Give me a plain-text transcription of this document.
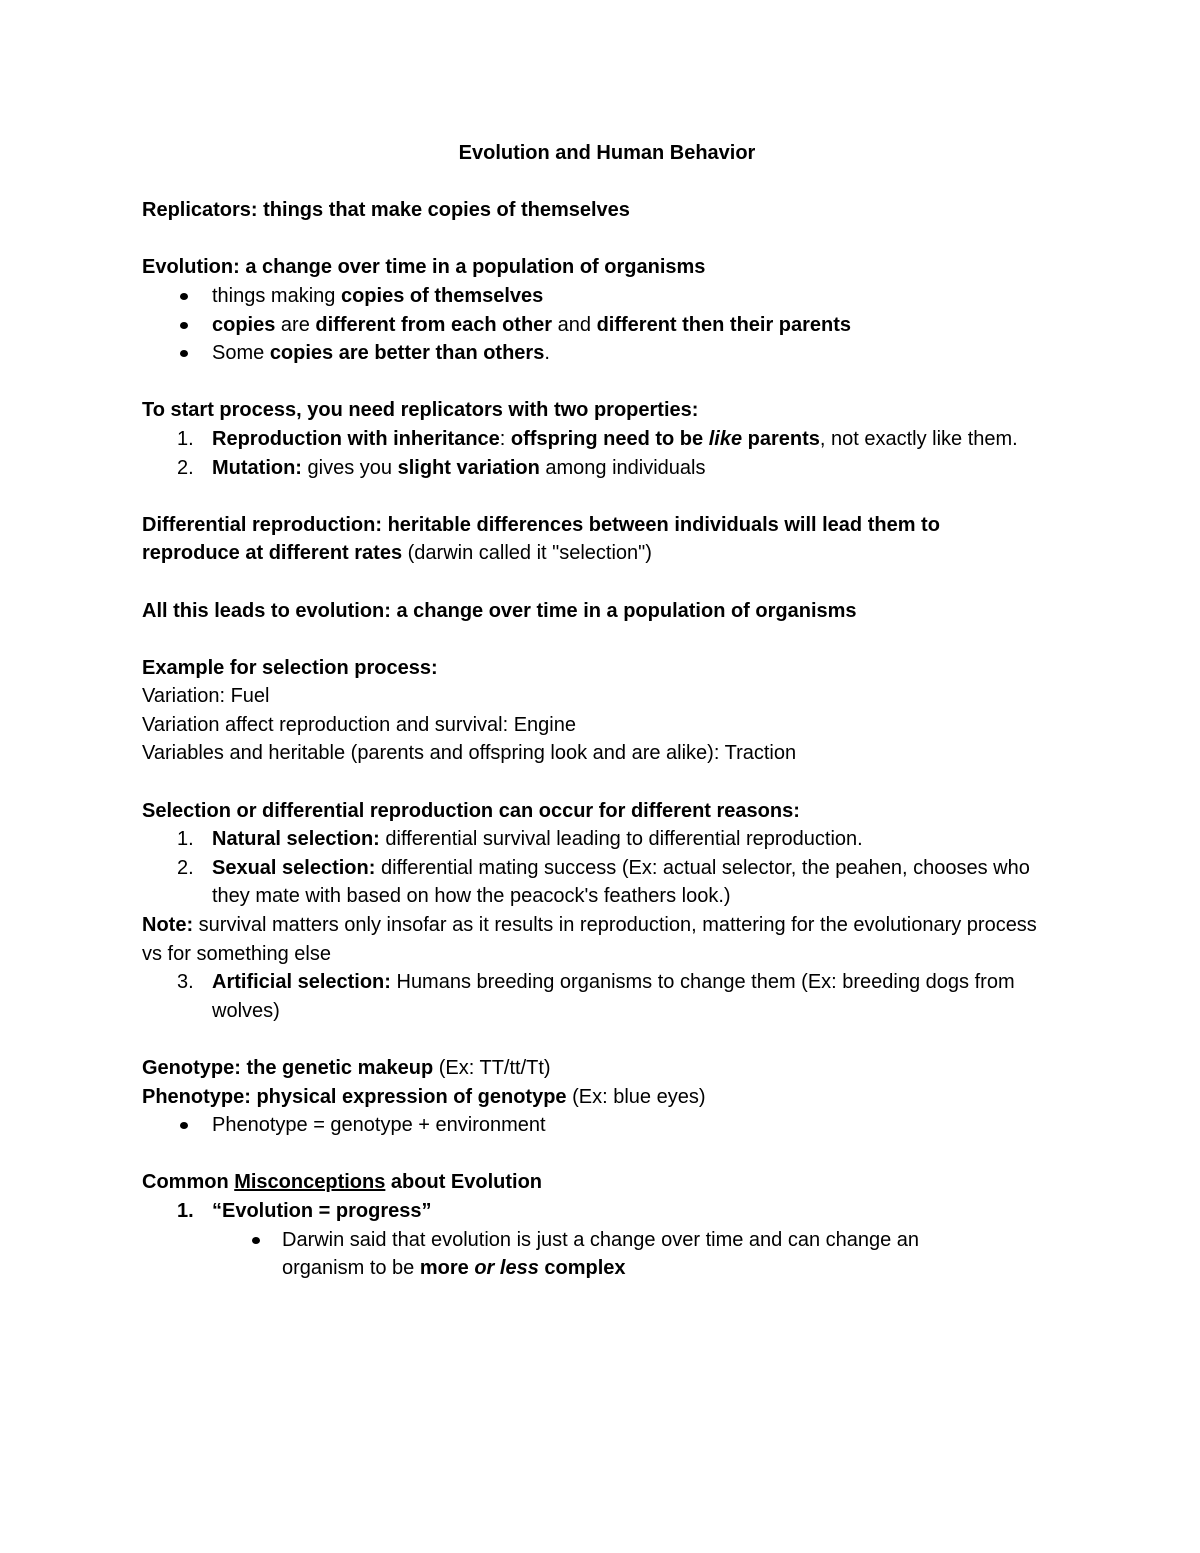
Evolution and Human Behavior
Replicators: things that make copies of themselves
Evolution: a change over time in a population of organisms
things making copies of themselves
copies are different from each other and different then their parents
Some copies are better than others.
To start process, you need replicators with two properties:
1. Reproduction with inheritance: offspring need to be like parents, not exactly like them.
2. Mutation: gives you slight variation among individuals
Differential reproduction: heritable differences between individuals will lead them to reproduce at different rates (darwin called it "selection")
All this leads to evolution: a change over time in a population of organisms
Example for selection process:
Variation: Fuel
Variation affect reproduction and survival: Engine
Variables and heritable (parents and offspring look and are alike): Traction
Selection or differential reproduction can occur for different reasons:
1. Natural selection: differential survival leading to differential reproduction.
2. Sexual selection: differential mating success (Ex: actual selector, the peahen, chooses who they mate with based on how the peacock's feathers look.)
Note: survival matters only insofar as it results in reproduction, mattering for the evolutionary process vs for something else
3. Artificial selection: Humans breeding organisms to change them (Ex: breeding dogs from wolves)
Genotype: the genetic makeup (Ex: TT/tt/Tt)
Phenotype: physical expression of genotype (Ex: blue eyes)
Phenotype = genotype + environment
Common Misconceptions about Evolution
1. “Evolution = progress”
Darwin said that evolution is just a change over time and can change an organism to be more or less complex
